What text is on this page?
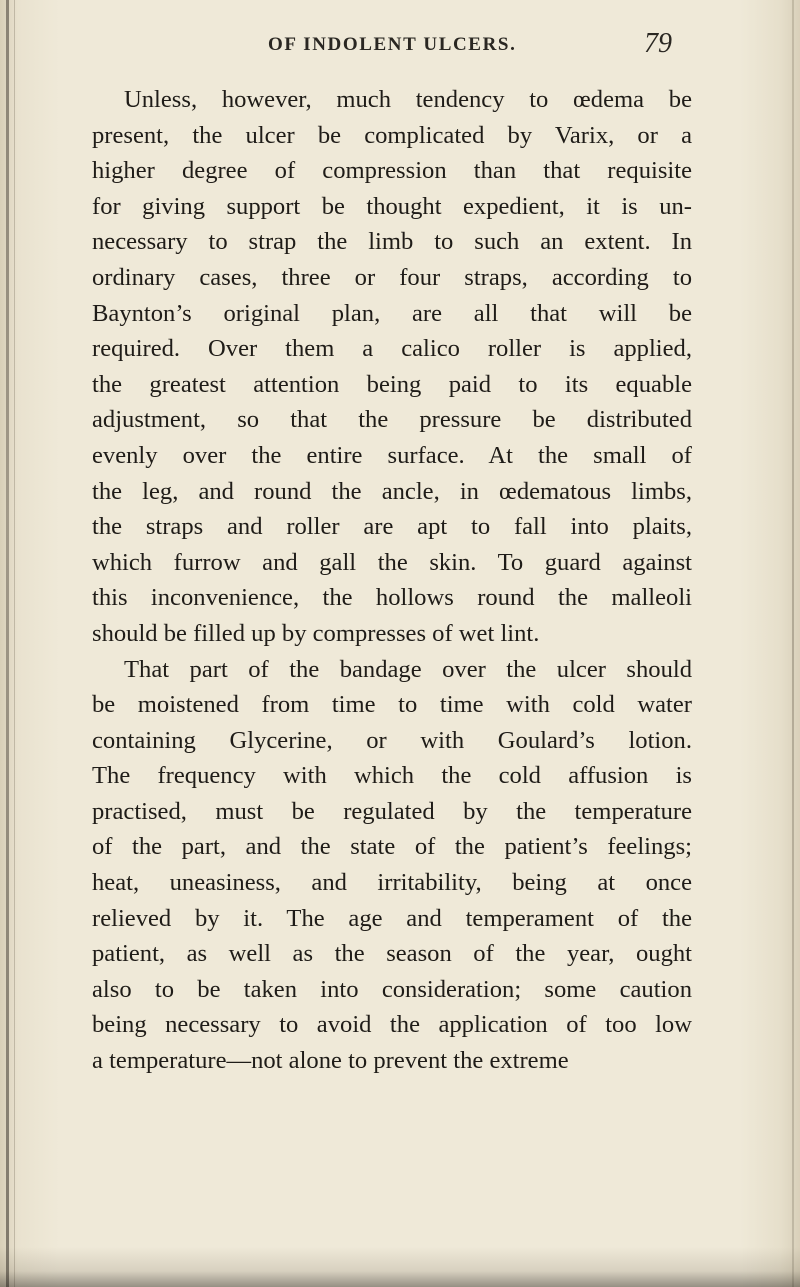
OF INDOLENT ULCERS.	79
Unless, however, much tendency to œdema be
present, the ulcer be complicated by Varix, or a
higher degree of compression than that requisite
for giving support be thought expedient, it is un-
necessary to strap the limb to such an extent. In
ordinary cases, three or four straps, according to
Baynton’s original plan, are all that will be
required. Over them a calico roller is applied,
the greatest attention being paid to its equable
adjustment, so that the pressure be distributed
evenly over the entire surface. At the small of
the leg, and round the ancle, in œdematous limbs,
the straps and roller are apt to fall into plaits,
which furrow and gall the skin. To guard against
this inconvenience, the hollows round the malleoli
should be filled up by compresses of wet lint.
That part of the bandage over the ulcer should
be moistened from time to time with cold water
containing Glycerine, or with Goulard’s lotion.
The frequency with which the cold affusion is
practised, must be regulated by the temperature
of the part, and the state of the patient’s feelings;
heat, uneasiness, and irritability, being at once
relieved by it. The age and temperament of the
patient, as well as the season of the year, ought
also to be taken into consideration; some caution
being necessary to avoid the application of too low
a temperature—not alone to prevent the extreme
